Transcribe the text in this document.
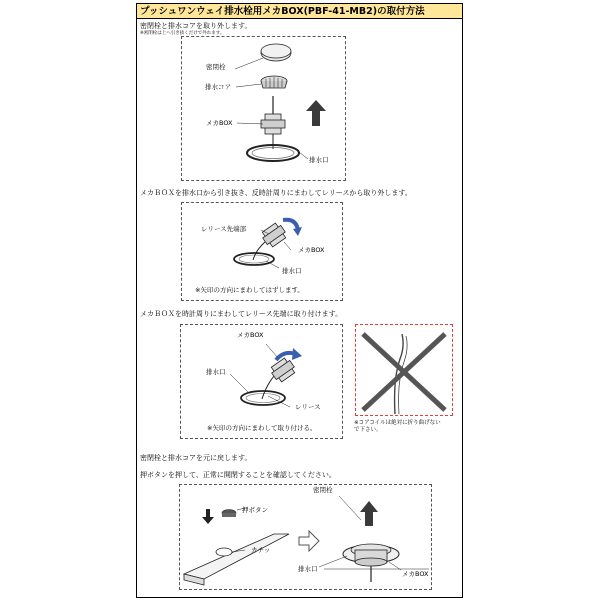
プッシュワンウェイ排水栓用メカBOX(PBF-41-MB2)の取付方法
密閉栓と排水コアを取り外します。
※密閉栓は上へ引き抜くだけで外れます。
密閉栓
排水コア
メカBOX
排水口
メカＢＯＸを排水口から引き抜き、反時計周りにまわしてレリースから取り外します。
レリース先端部
メカBOX
排水口
※矢印の方向にまわしてはずします。
メカＢＯＸを時計周りにまわしてレリース先端に取り付けます。
メカBOX
排水口
レリース
※矢印の方向にまわして取り付ける。
※コアコイルは絶対に折り曲げない
で下さい。
密閉栓と排水コアを元に戻します。
押ボタンを押して、正常に開閉することを確認してください。
押ボタン
カチッ
密閉栓
排水口
メカBOX
